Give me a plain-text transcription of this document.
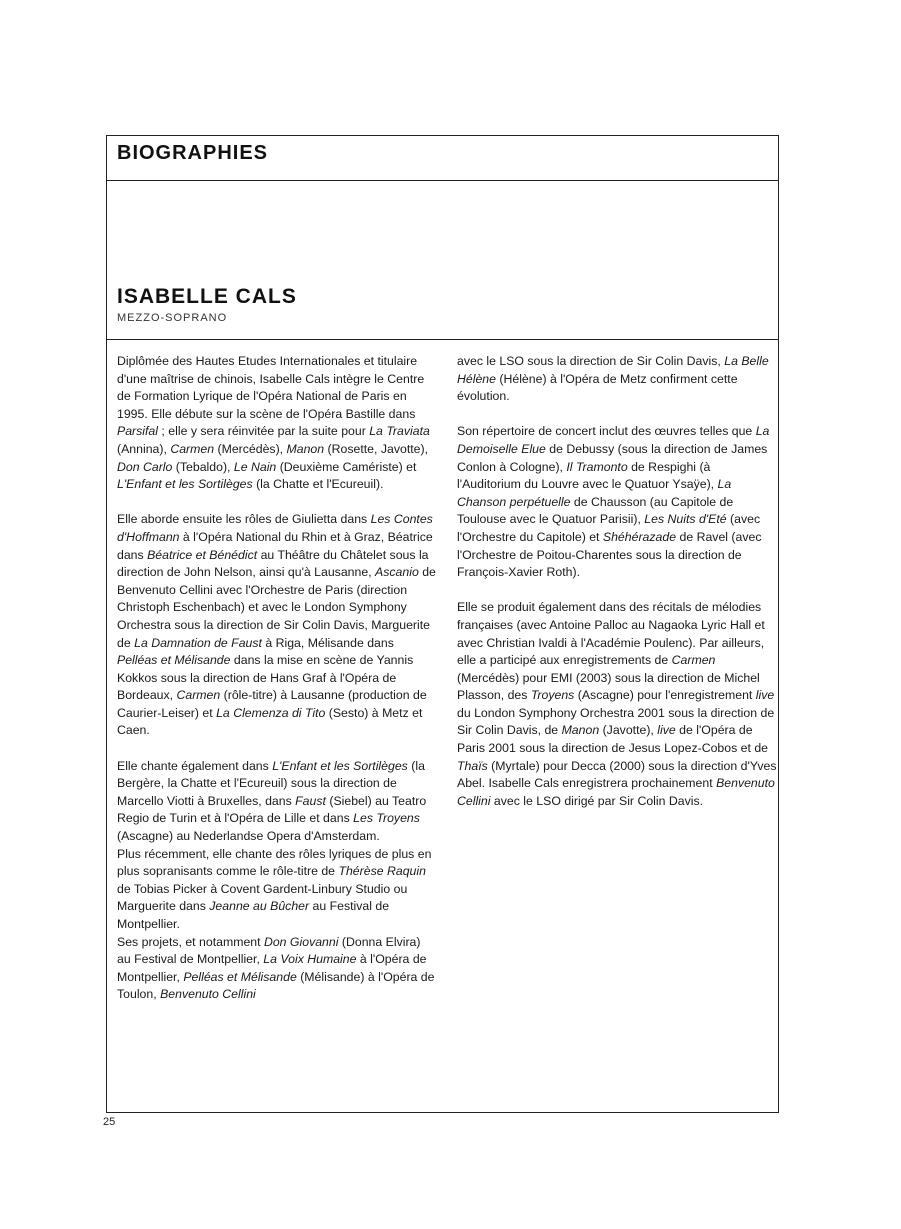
BIOGRAPHIES
ISABELLE CALS
MEZZO-SOPRANO

Diplômée des Hautes Etudes Internationales et titulaire d'une maîtrise de chinois, Isabelle Cals intègre le Centre de Formation Lyrique de l'Opéra National de Paris en 1995. Elle débute sur la scène de l'Opéra Bastille dans Parsifal ; elle y sera réinvitée par la suite pour La Traviata (Annina), Carmen (Mercédès), Manon (Rosette, Javotte), Don Carlo (Tebaldo), Le Nain (Deuxième Camériste) et L'Enfant et les Sortilèges (la Chatte et l'Ecureuil).

Elle aborde ensuite les rôles de Giulietta dans Les Contes d'Hoffmann à l'Opéra National du Rhin et à Graz, Béatrice dans Béatrice et Bénédict au Théâtre du Châtelet sous la direction de John Nelson, ainsi qu'à Lausanne, Ascanio de Benvenuto Cellini avec l'Orchestre de Paris (direction Christoph Eschenbach) et avec le London Symphony Orchestra sous la direction de Sir Colin Davis, Marguerite de La Damnation de Faust à Riga, Mélisande dans Pelléas et Mélisande dans la mise en scène de Yannis Kokkos sous la direction de Hans Graf à l'Opéra de Bordeaux, Carmen (rôle-titre) à Lausanne (production de Caurier-Leiser) et La Clemenza di Tito (Sesto) à Metz et Caen.

Elle chante également dans L'Enfant et les Sortilèges (la Bergère, la Chatte et l'Ecureuil) sous la direction de Marcello Viotti à Bruxelles, dans Faust (Siebel) au Teatro Regio de Turin et à l'Opéra de Lille et dans Les Troyens (Ascagne) au Nederlandse Opera d'Amsterdam.

Plus récemment, elle chante des rôles lyriques de plus en plus sopranisants comme le rôle-titre de Thérèse Raquin de Tobias Picker à Covent Gardent-Linbury Studio ou Marguerite dans Jeanne au Bûcher au Festival de Montpellier.

Ses projets, et notamment Don Giovanni (Donna Elvira) au Festival de Montpellier, La Voix Humaine à l'Opéra de Montpellier, Pelléas et Mélisande (Mélisande) à l'Opéra de Toulon, Benvenuto Cellini

avec le LSO sous la direction de Sir Colin Davis, La Belle Hélène (Hélène) à l'Opéra de Metz confirment cette évolution.

Son répertoire de concert inclut des œuvres telles que La Demoiselle Elue de Debussy (sous la direction de James Conlon à Cologne), Il Tramonto de Respighi (à l'Auditorium du Louvre avec le Quatuor Ysaÿe), La Chanson perpétuelle de Chausson (au Capitole de Toulouse avec le Quatuor Parisii), Les Nuits d'Eté (avec l'Orchestre du Capitole) et Shéhérazade de Ravel (avec l'Orchestre de Poitou-Charentes sous la direction de François-Xavier Roth).

Elle se produit également dans des récitals de mélodies françaises (avec Antoine Palloc au Nagaoka Lyric Hall et avec Christian Ivaldi à l'Académie Poulenc). Par ailleurs, elle a participé aux enregistrements de Carmen (Mercédès) pour EMI (2003) sous la direction de Michel Plasson, des Troyens (Ascagne) pour l'enregistrement live du London Symphony Orchestra 2001 sous la direction de Sir Colin Davis, de Manon (Javotte), live de l'Opéra de Paris 2001 sous la direction de Jesus Lopez-Cobos et de Thaïs (Myrtale) pour Decca (2000) sous la direction d'Yves Abel. Isabelle Cals enregistrera prochainement Benvenuto Cellini avec le LSO dirigé par Sir Colin Davis.

25
